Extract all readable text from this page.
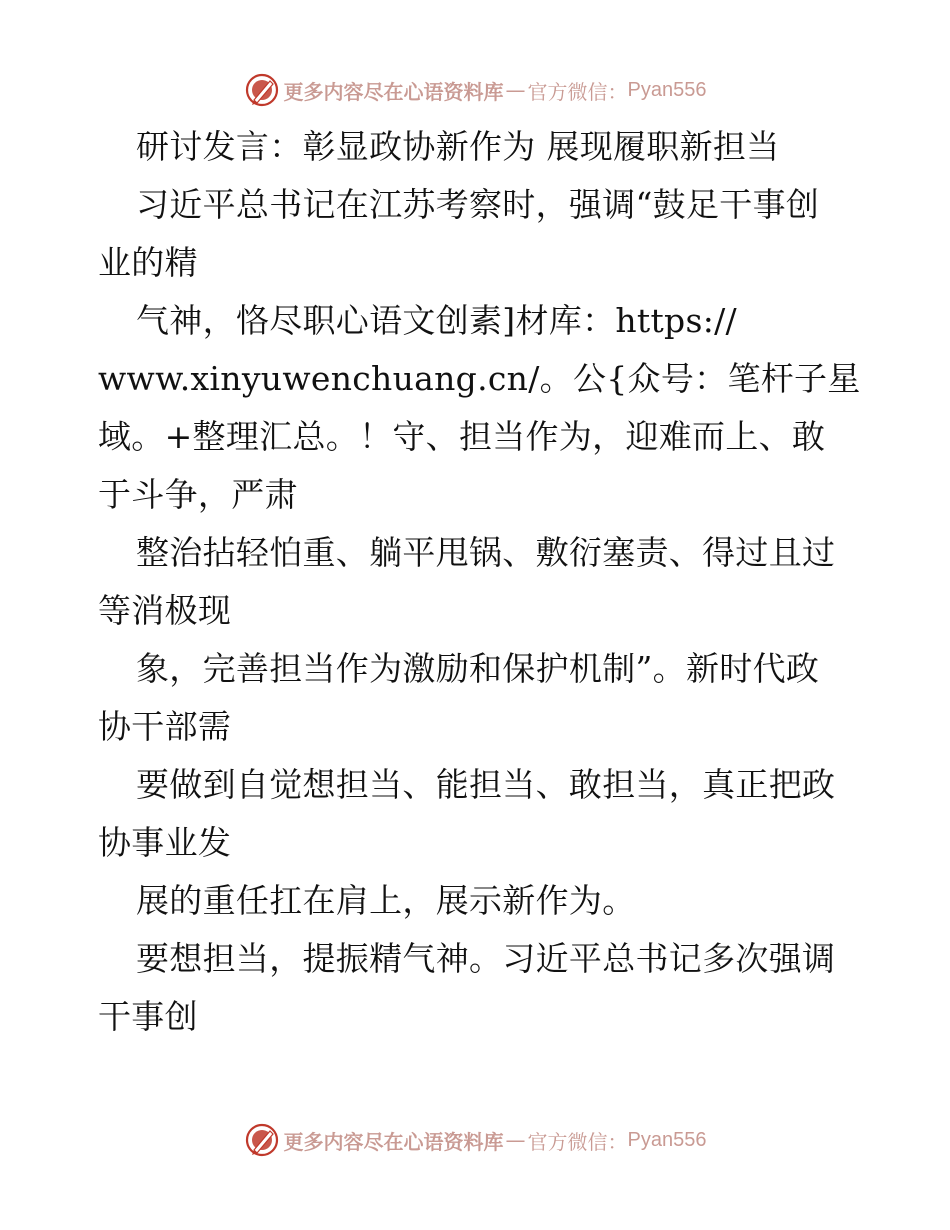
更多内容尽在心语资料库 — 官方微信： Pyan556
研讨发言：彰显政协新作为 展现履职新担当
习近平总书记在江苏考察时，强调“鼓足干事创
业的精
气神，恪尽职心语文创素]材库：https://
www.xinyuwenchuang.cn/。公{众号：笔杆子星
域。+整理汇总。！守、担当作为，迎难而上、敢
于斗争，严肃
整治拈轻怕重、躺平甩锅、敷衍塞责、得过且过
等消极现
象，完善担当作为激励和保护机制”。新时代政
协干部需
要做到自觉想担当、能担当、敢担当，真正把政
协事业发
展的重任扛在肩上，展示新作为。
要想担当，提振精气神。习近平总书记多次强调
干事创
更多内容尽在心语资料库 — 官方微信： Pyan556
